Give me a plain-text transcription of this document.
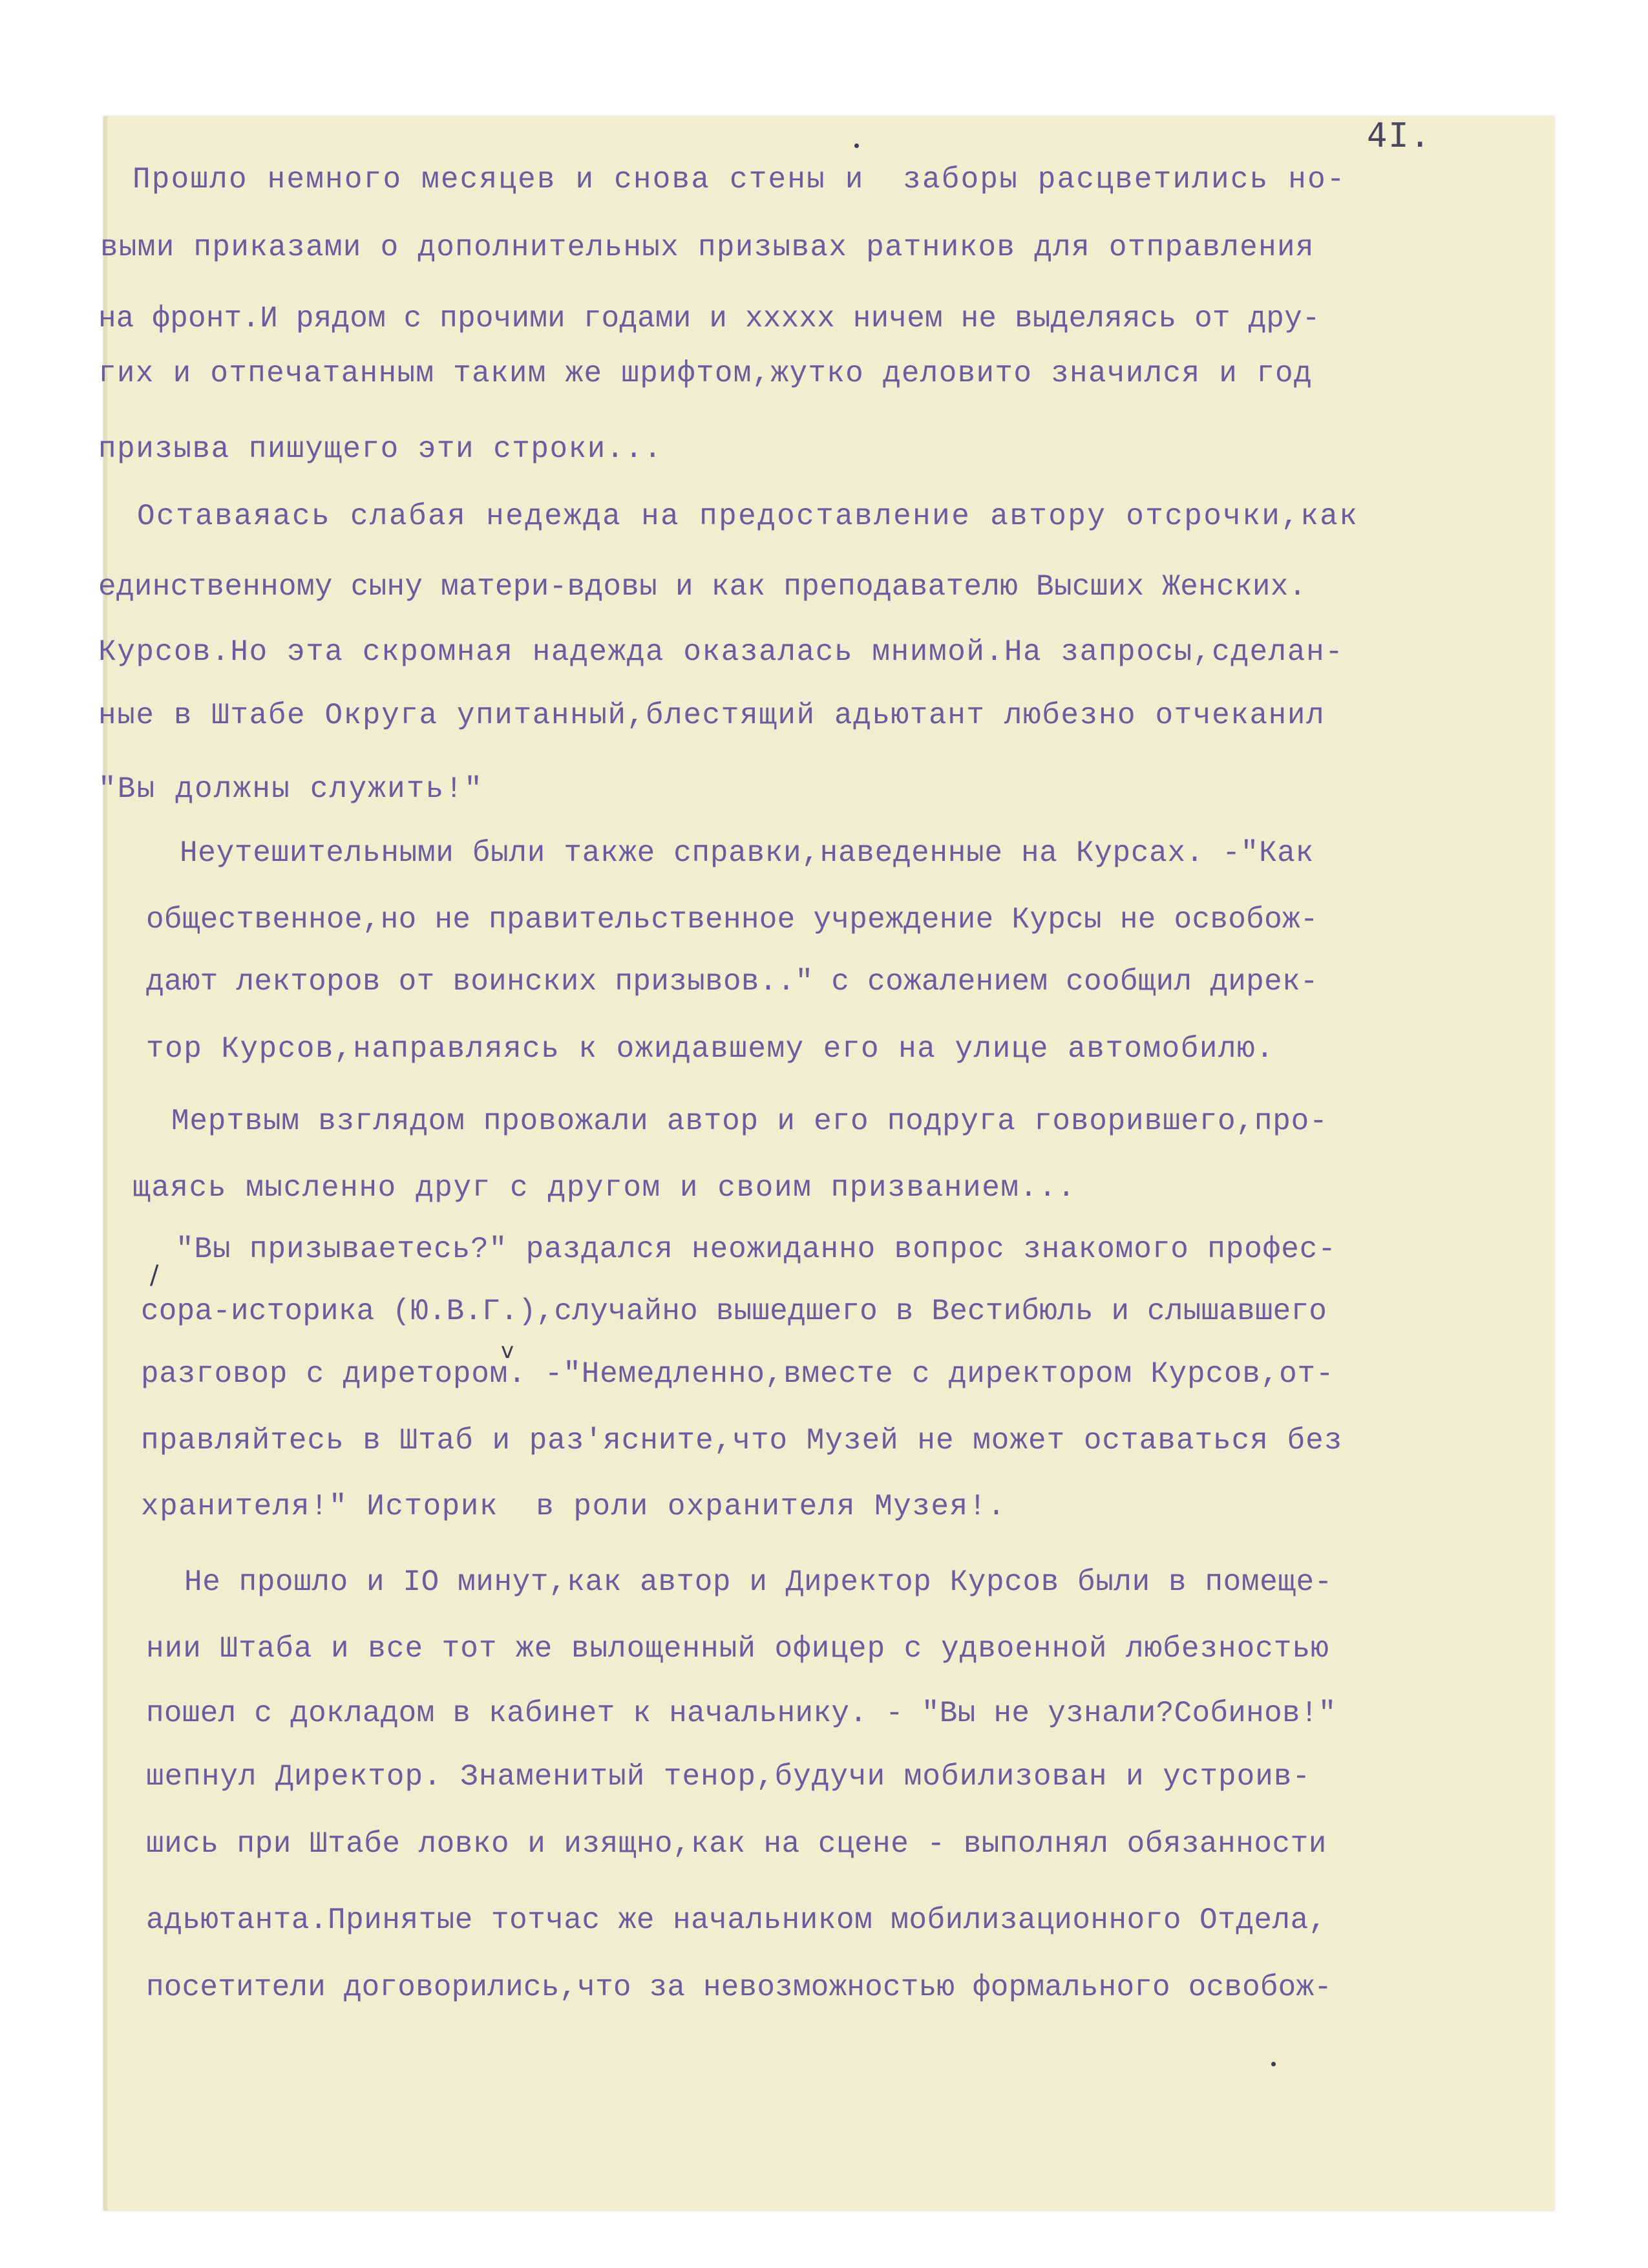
4I.
/
v
Прошло немного месяцев и снова стены и  заборы расцветились но-
выми приказами о дополнительных призывах ратников для отправления
на фронт.И рядом с прочими годами и xxxxx ничем не выделяясь от дру-
гих и отпечатанным таким же шрифтом,жутко деловито значился и год
призыва пишущего эти строки...
Оставаяась слабая недежда на предоставление автору отсрочки,как
единственному сыну матери-вдовы и как преподавателю Высших Женских.
Курсов.Но эта скромная надежда оказалась мнимой.На запросы,сделан-
ные в Штабе Округа упитанный,блестящий адьютант любезно отчеканил
"Вы должны служить!"
Неутешительными были также справки,наведенные на Курсах. -"Как
общественное,но не правительственное учреждение Курсы не освобож-
дают лекторов от воинских призывов.." с сожалением сообщил дирек-
тор Курсов,направляясь к ожидавшему его на улице автомобилю.
Мертвым взглядом провожали автор и его подруга говорившего,про-
щаясь мысленно друг с другом и своим призванием...
"Вы призываетесь?" раздался неожиданно вопрос знакомого профес-
сора-историка (Ю.В.Г.),случайно вышедшего в Вестибюль и слышавшего
разговор с диретором. -"Немедленно,вместе с директором Курсов,от-
правляйтесь в Штаб и раз'ясните,что Музей не может оставаться без
хранителя!" Историк  в роли охранителя Музея!.
Не прошло и IO минут,как автор и Директор Курсов были в помеще-
нии Штаба и все тот же вылощенный офицер с удвоенной любезностью
пошел с докладом в кабинет к начальнику. - "Вы не узнали?Собинов!"
шепнул Директор. Знаменитый тенор,будучи мобилизован и устроив-
шись при Штабе ловко и изящно,как на сцене - выполнял обязанности
адьютанта.Принятые тотчас же начальником мобилизационного Отдела,
посетители договорились,что за невозможностью формального освобож-
